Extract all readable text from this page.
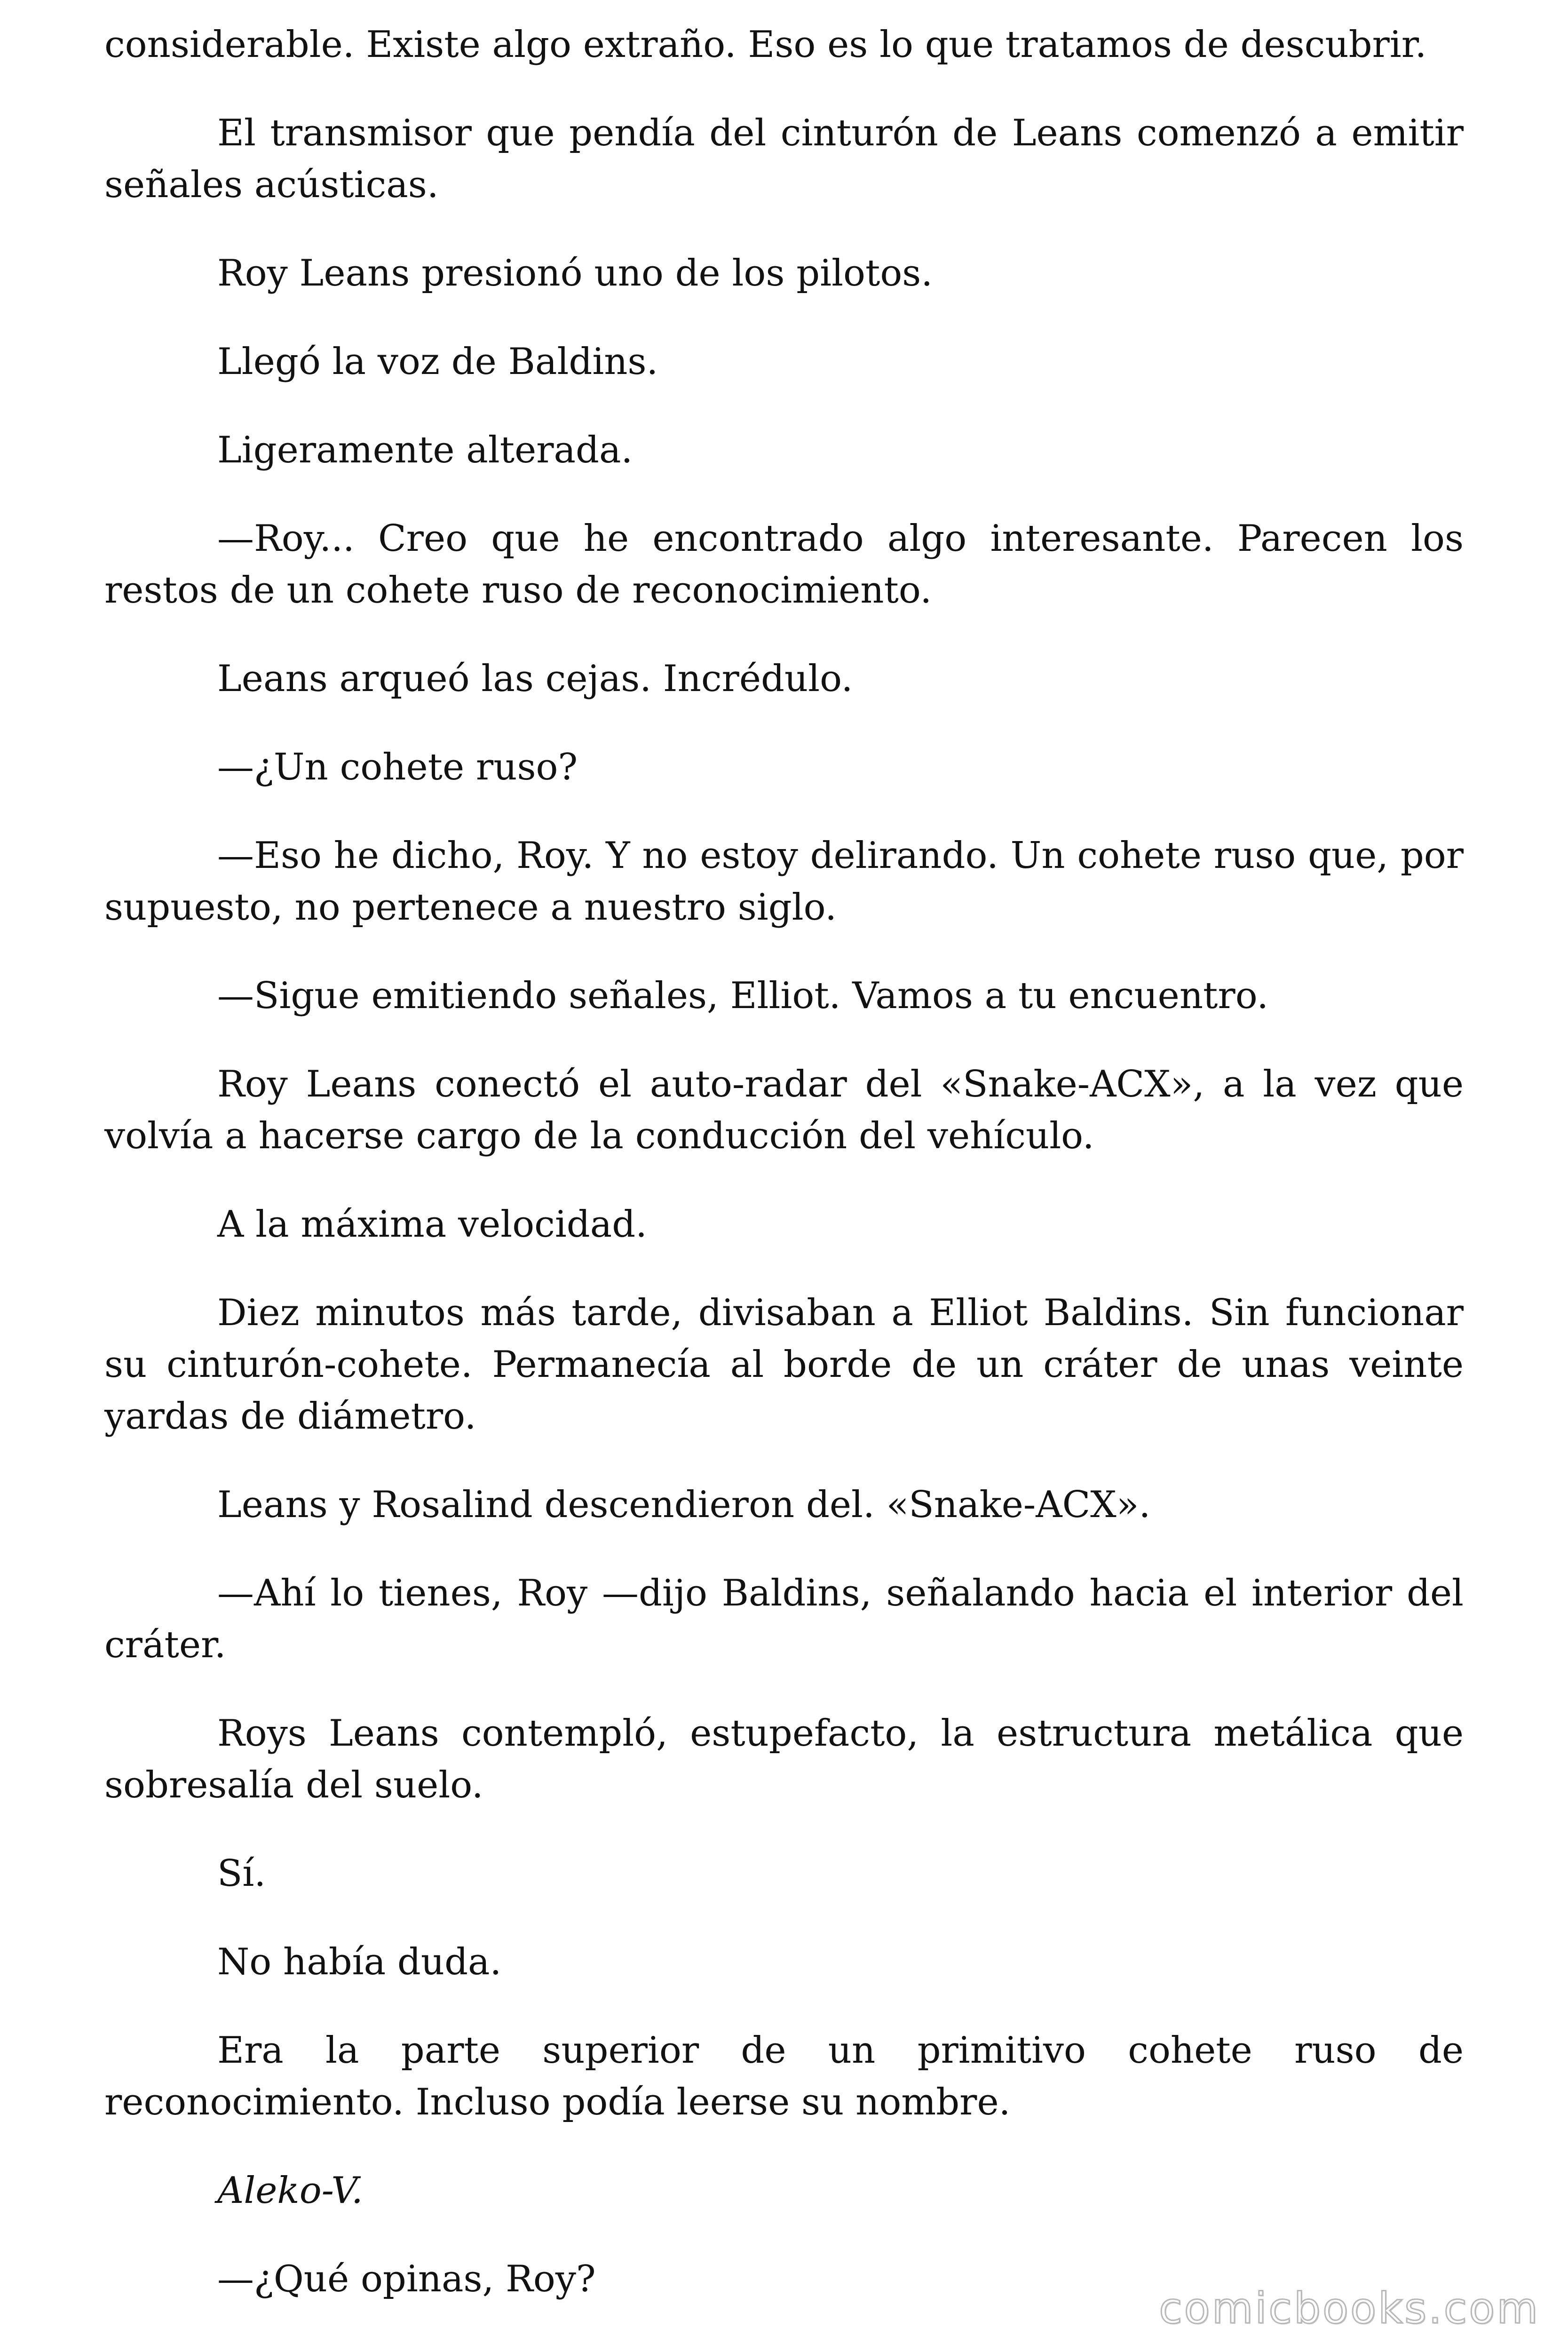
considerable. Existe algo extraño. Eso es lo que tratamos de descubrir.

El transmisor que pendía del cinturón de Leans comenzó a emitir señales acústicas.

Roy Leans presionó uno de los pilotos.

Llegó la voz de Baldins.

Ligeramente alterada.

—Roy... Creo que he encontrado algo interesante. Parecen los restos de un cohete ruso de reconocimiento.

Leans arqueó las cejas. Incrédulo.

—¿Un cohete ruso?

—Eso he dicho, Roy. Y no estoy delirando. Un cohete ruso que, por supuesto, no pertenece a nuestro siglo.

—Sigue emitiendo señales, Elliot. Vamos a tu encuentro.

Roy Leans conectó el auto-radar del «Snake-ACX», a la vez que volvía a hacerse cargo de la conducción del vehículo.

A la máxima velocidad.

Diez minutos más tarde, divisaban a Elliot Baldins. Sin funcionar su cinturón-cohete. Permanecía al borde de un cráter de unas veinte yardas de diámetro.

Leans y Rosalind descendieron del. «Snake-ACX».

—Ahí lo tienes, Roy —dijo Baldins, señalando hacia el interior del cráter.

Roys Leans contempló, estupefacto, la estructura metálica que sobresalía del suelo.

Sí.

No había duda.

Era la parte superior de un primitivo cohete ruso de reconocimiento. Incluso podía leerse su nombre.

Aleko-V.

—¿Qué opinas, Roy?

comicbooks.com
